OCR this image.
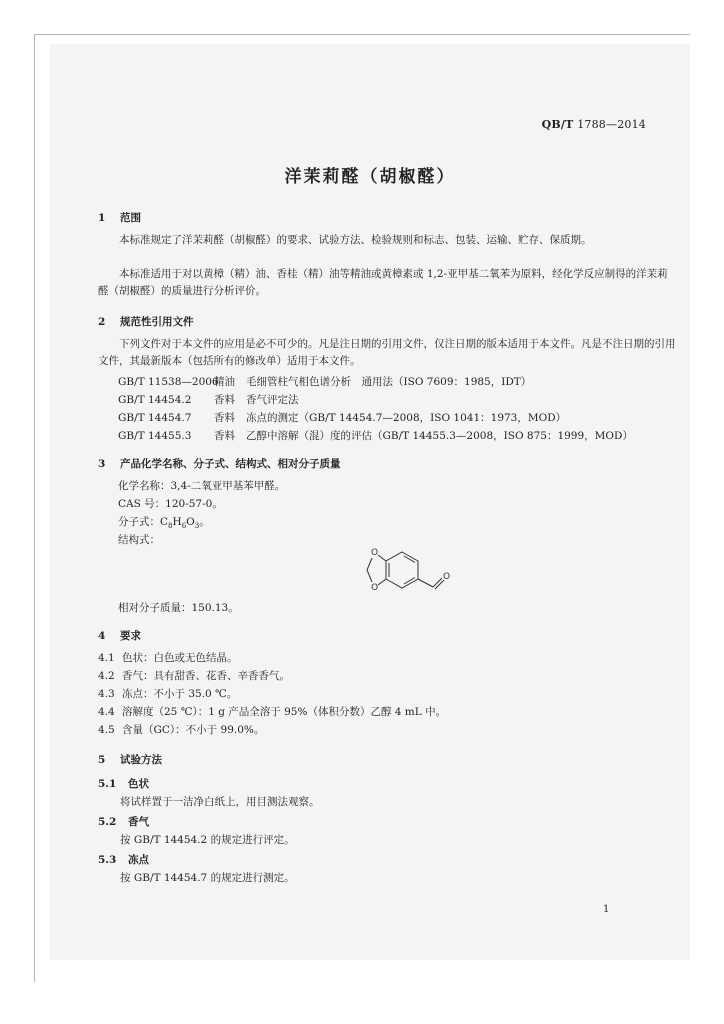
QB/T 1788—2014
洋茉莉醛（胡椒醛）
1 范围
本标准规定了洋茉莉醛（胡椒醛）的要求、试验方法、检验规则和标志、包装、运输、贮存、保质期。
本标准适用于对以黄樟（精）油、香桂（精）油等精油或黄樟素或 1,2-亚甲基二氧苯为原料，经化学反应制得的洋茉莉醛（胡椒醛）的质量进行分析评价。
2 规范性引用文件
下列文件对于本文件的应用是必不可少的。凡是注日期的引用文件，仅注日期的版本适用于本文件。凡是不注日期的引用文件，其最新版本（包括所有的修改单）适用于本文件。
GB/T 11538—2006精油 毛细管柱气相色谱分析　通用法（ISO 7609：1985，IDT）
GB/T 14454.2 香料 香气评定法
GB/T 14454.7 香料 冻点的测定（GB/T 14454.7—2008，ISO 1041：1973，MOD）
GB/T 14455.3 香料 乙醇中溶解（混）度的评估（GB/T 14455.3—2008，ISO 875：1999，MOD）
3 产品化学名称、分子式、结构式、相对分子质量
化学名称：3,4-二氧亚甲基苯甲醛。
CAS 号：120-57-0。
分子式：$C_8H_6O_3$。
结构式：
O
O
O
相对分子质量：150.13。
4 要求
4.1 色状：白色或无色结晶。
4.2 香气：具有甜香、花香、辛香香气。
4.3 冻点：不小于 35.0 ℃。
4.4 溶解度（25 ℃）：1 g 产品全溶于 95%（体积分数）乙醇 4 mL 中。
4.5 含量（GC）：不小于 99.0%。
5 试验方法
5.1 色状
将试样置于一洁净白纸上，用目测法观察。
5.2 香气
按 GB/T 14454.2 的规定进行评定。
5.3 冻点
按 GB/T 14454.7 的规定进行测定。
1
